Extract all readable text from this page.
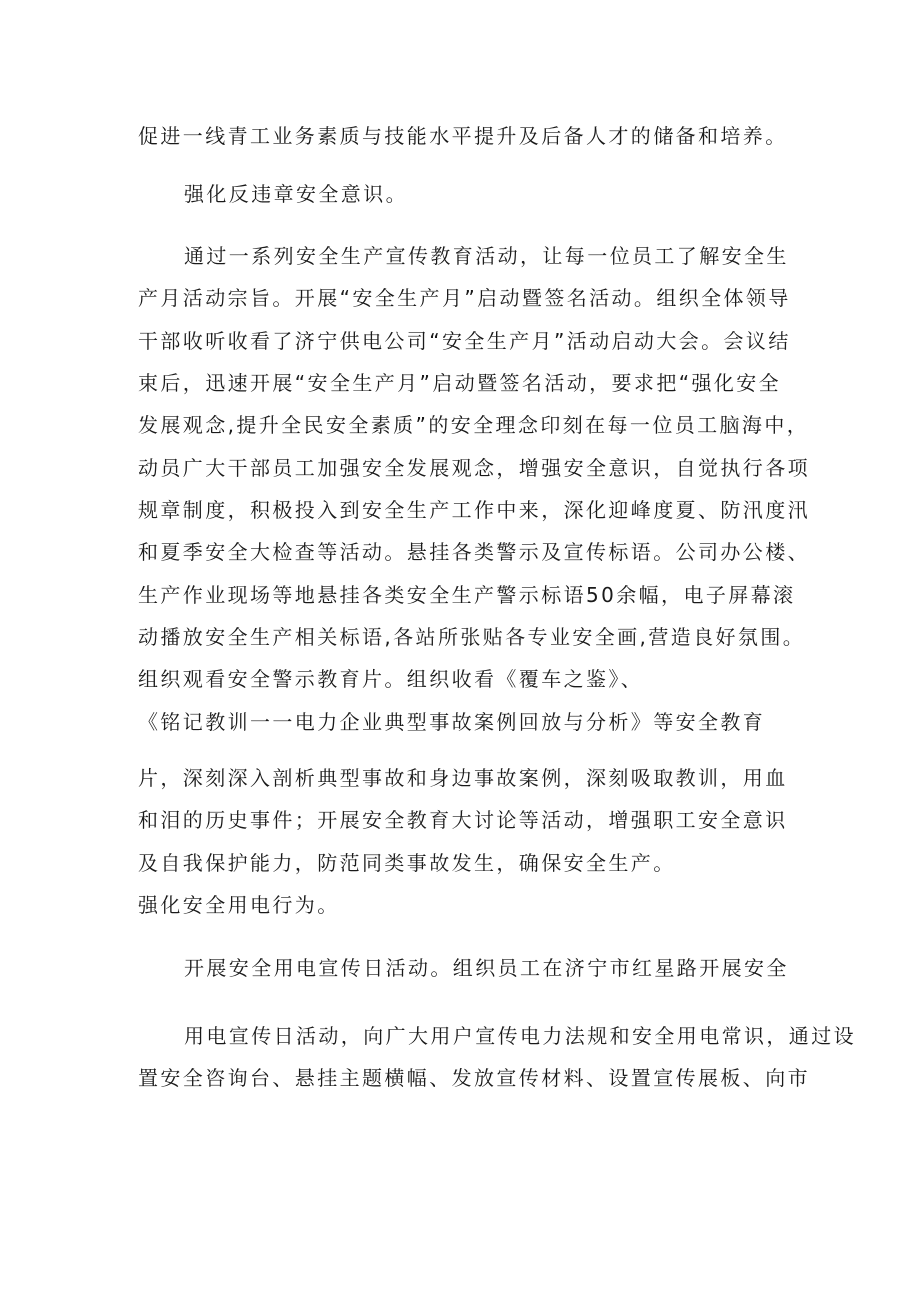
促进一线青工业务素质与技能水平提升及后备人才的储备和培养。

强化反违章安全意识。

通过一系列安全生产宣传教育活动，让每一位员工了解安全生

产月活动宗旨。开展“安全生产月”启动暨签名活动。组织全体领导

干部收听收看了济宁供电公司“安全生产月”活动启动大会。会议结

束后，迅速开展“安全生产月”启动暨签名活动，要求把“强化安全

发展观念,提升全民安全素质”的安全理念印刻在每一位员工脑海中，

动员广大干部员工加强安全发展观念，增强安全意识，自觉执行各项

规章制度，积极投入到安全生产工作中来，深化迎峰度夏、防汛度汛

和夏季安全大检查等活动。悬挂各类警示及宣传标语。公司办公楼、

生产作业现场等地悬挂各类安全生产警示标语50余幅，电子屏幕滚

动播放安全生产相关标语,各站所张贴各专业安全画,营造良好氛围。

组织观看安全警示教育片。组织收看《覆车之鉴》、

《铭记教训一一电力企业典型事故案例回放与分析》等安全教育

片，深刻深入剖析典型事故和身边事故案例，深刻吸取教训，用血

和泪的历史事件；开展安全教育大讨论等活动，增强职工安全意识

及自我保护能力，防范同类事故发生，确保安全生产。

强化安全用电行为。

开展安全用电宣传日活动。组织员工在济宁市红星路开展安全

用电宣传日活动，向广大用户宣传电力法规和安全用电常识，通过设

置安全咨询台、悬挂主题横幅、发放宣传材料、设置宣传展板、向市
